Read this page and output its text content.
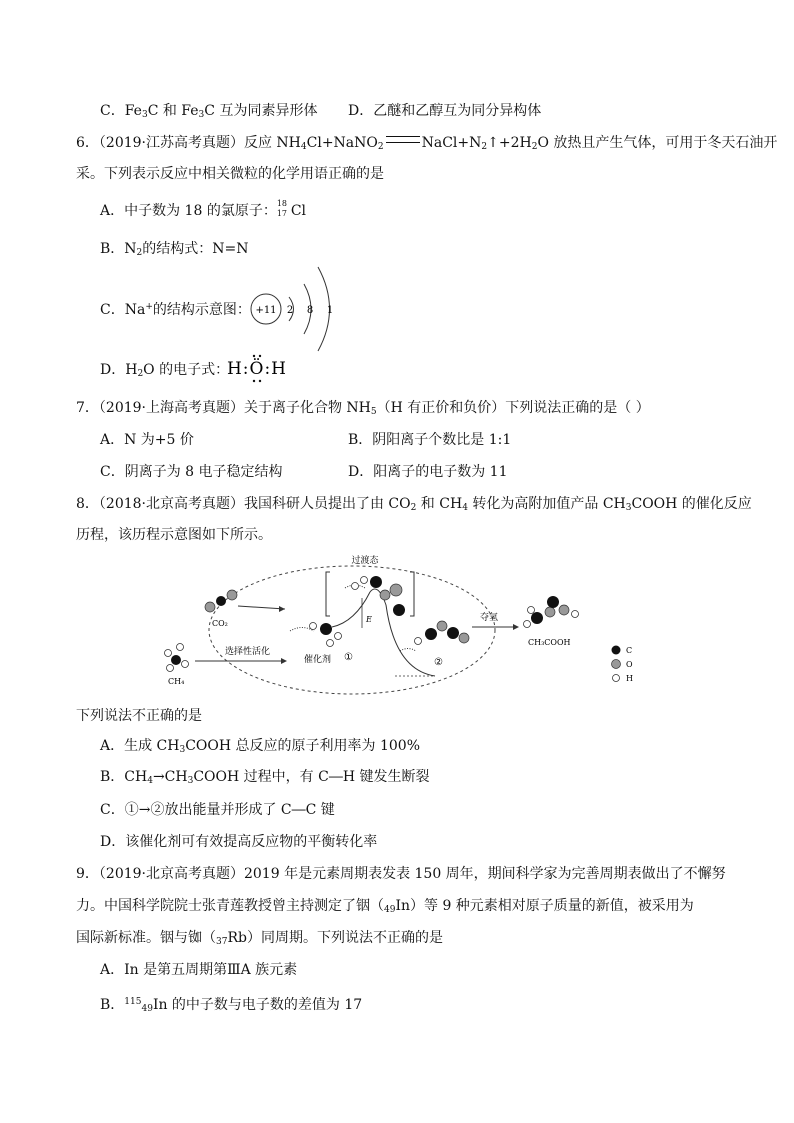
C．$Fe_3C$ 和 $Fe_3C$ 互为同素异形体 D．乙醚和乙醇互为同分异构体
6．（2019·江苏高考真题）反应 $NH_4Cl+NaNO_2$	$NaCl+N_2↑+2H_2O$ 放热且产生气体，可用于冬天石油开
采。下列表示反应中相关微粒的化学用语正确的是
A．中子数为 18 的氯原子： 18
17 Cl
B．$N_2$的结构式：N=N
C．Na+的结构示意图： +11 2 8 1
D．$H_2O$ 的电子式：
H:Ö:H
7．（2019·上海高考真题）关于离子化合物 $NH_5(H$ 有正价和负价）下列说法正确的是（ ）
A．N 为+5 价	B．阴阳离子个数比是 1:1
C．阴离子为 8 电子稳定结构	D．阳离子的电子数为 11
8．（2018·北京高考真题）我国科研人员提出了由 $CO_2$ 和 $CH_4$ 转化为高附加值产品 $CH_3COOH$ 的催化反应
历程，该历程示意图如下所示。
过渡态
E
CO₂
CH₄
选择性活化
催化剂 ①	②
夺氢
CH₃COOH
C
O
H
下列说法不正确的是
A．生成 $CH_3COOH$ 总反应的原子利用率为 100%
B．$CH_4\to CH_3COOH$ 过程中，有 C―H 键发生断裂
C．①→②放出能量并形成了 C―C 键
D．该催化剂可有效提高反应物的平衡转化率
9．（2019·北京高考真题）2019 年是元素周期表发表 150 周年，期间科学家为完善周期表做出了不懈努
力。中国科学院院士张青莲教授曾主持测定了铟$(_{49}In)$等 9 种元素相对原子质量的新值，被采用为
国际新标准。铟与铷$(_{37}Rb)$同周期。下列说法不正确的是
A．In 是第五周期第ⅢA 族元素
B．$^{115}_{49}$In 的中子数与电子数的差值为 17
